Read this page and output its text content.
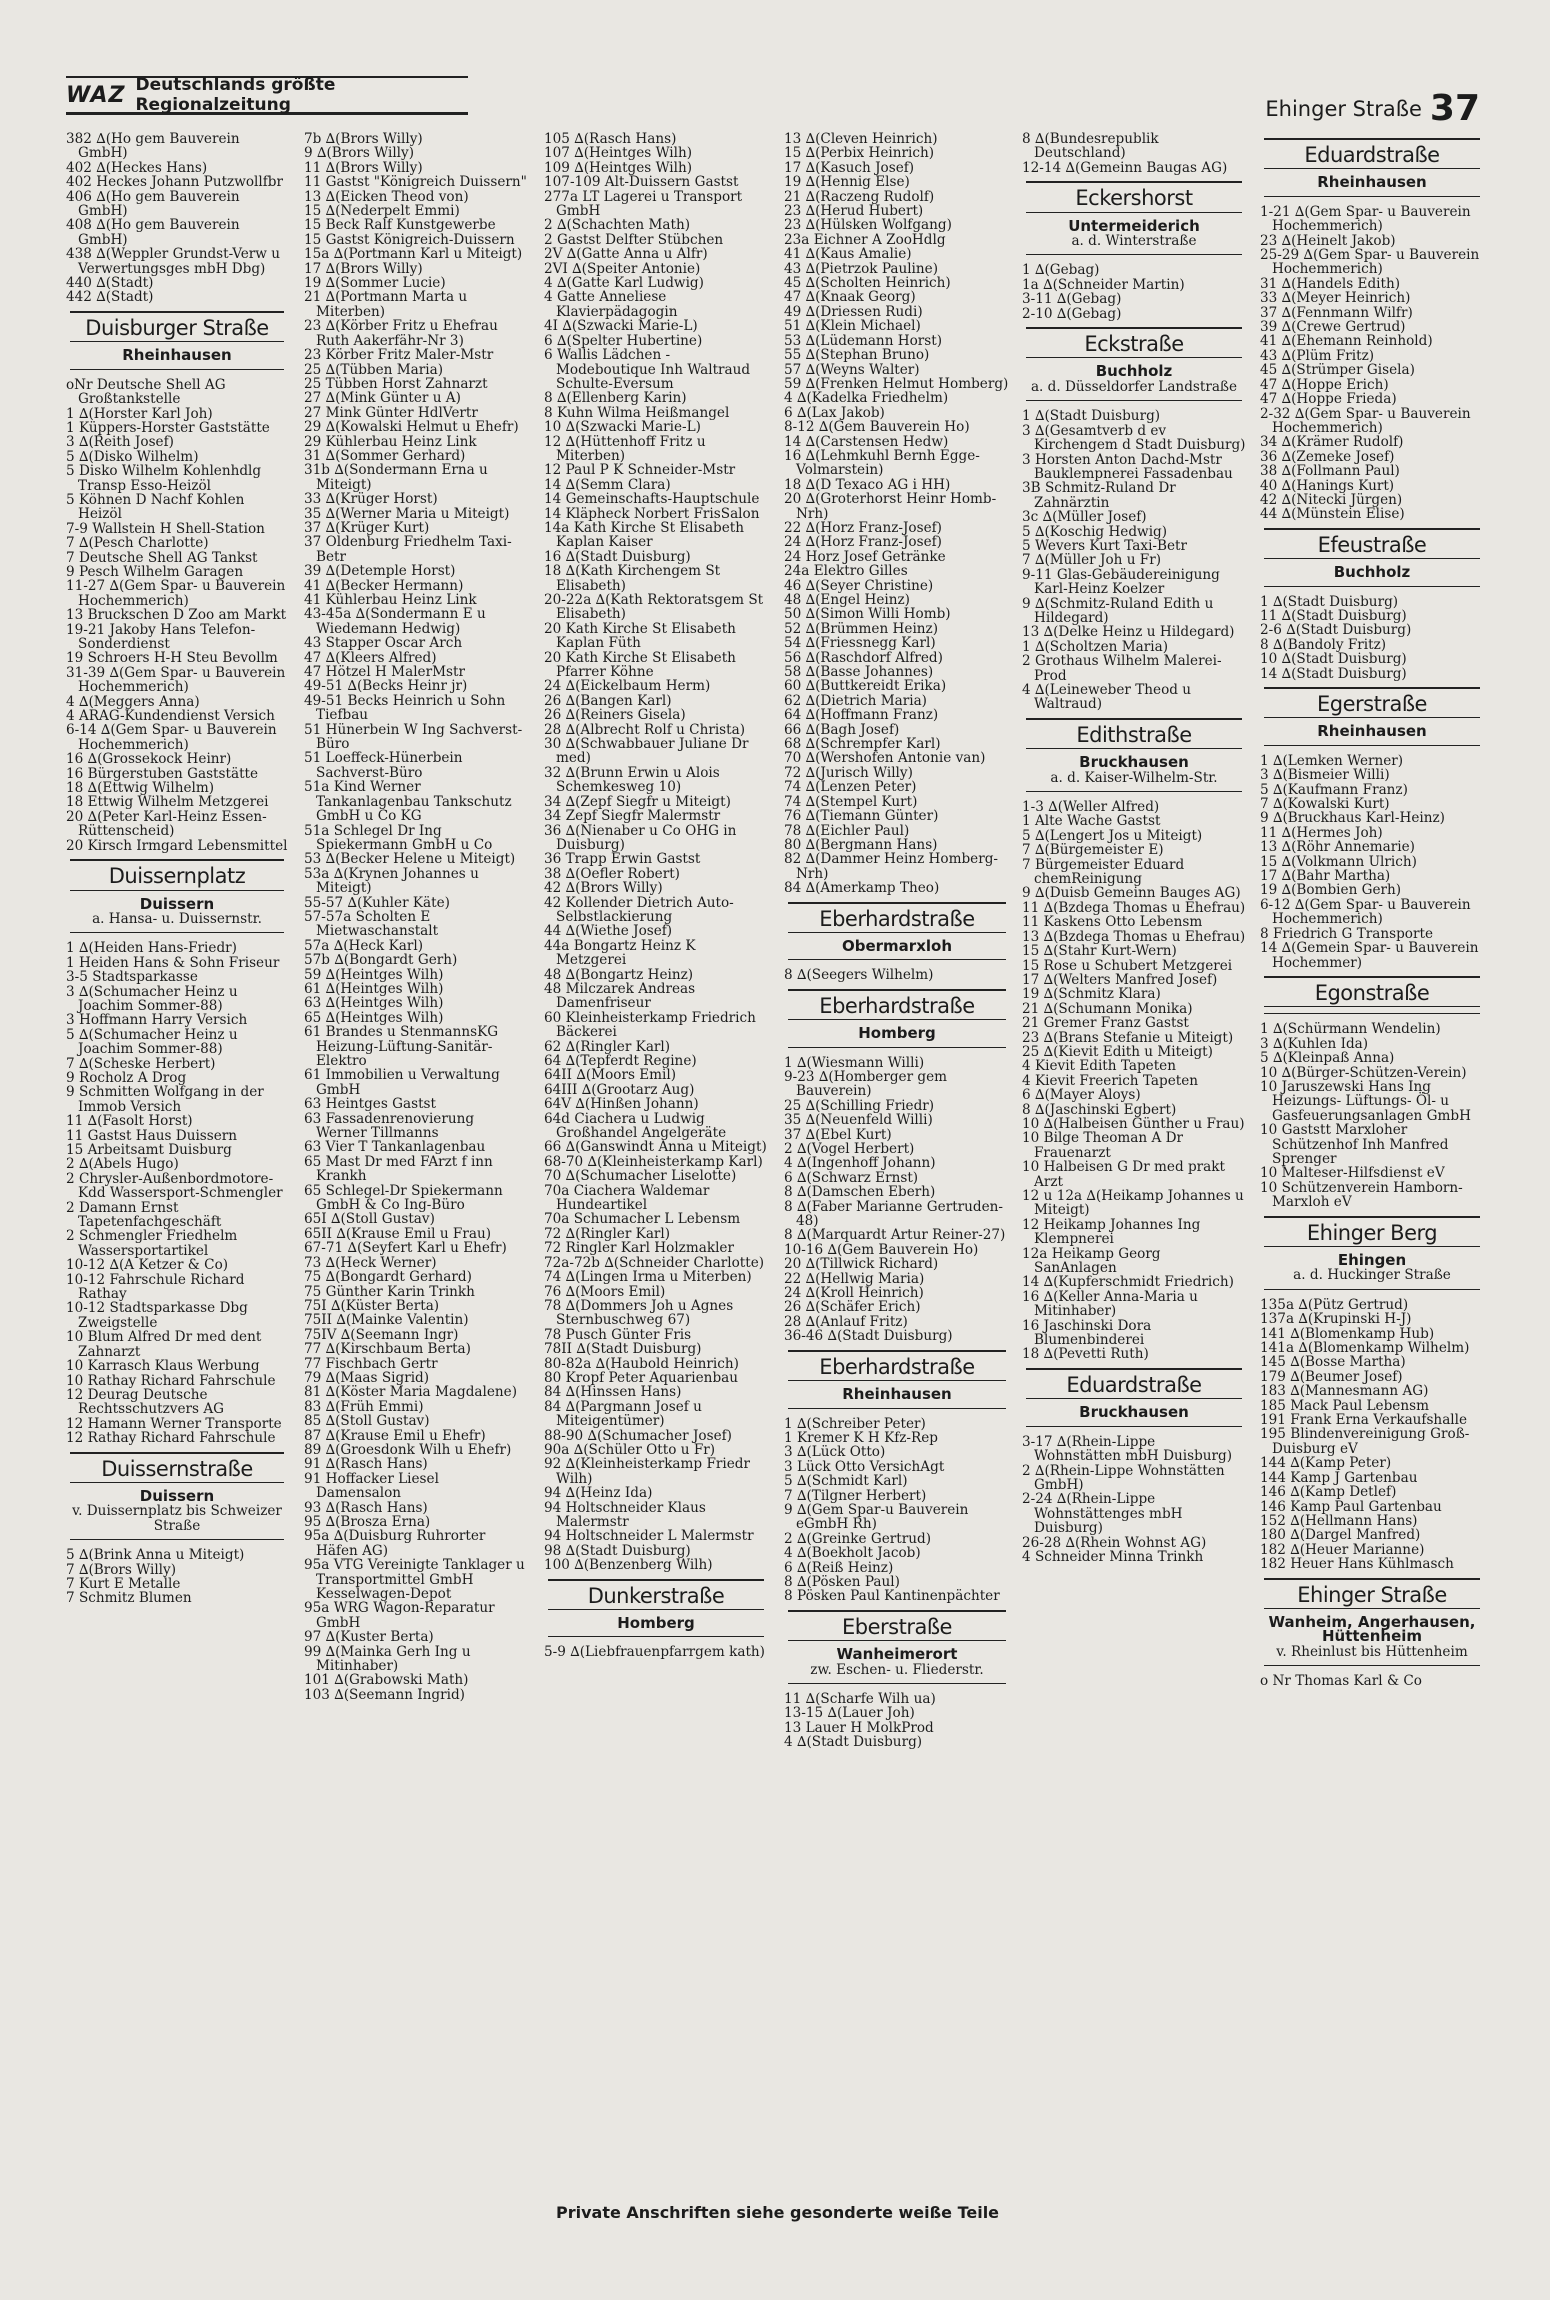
WAZ Deutschlands größte Regionalzeitung	Ehinger Straße 37
382 ∆(Ho gem Bauverein GmbH)
402 ∆(Heckes Hans)
402 Heckes Johann Putzwollfbr
406 ∆(Ho gem Bauverein GmbH)
408 ∆(Ho gem Bauverein GmbH)
438 ∆(Weppler Grundst-Verw u Verwertungsges mbH Dbg)
440 ∆(Stadt)
442 ∆(Stadt)
Duisburger Straße
Rheinhausen
oNr Deutsche Shell AG Großtankstelle
1 ∆(Horster Karl Joh)
1 Küppers-Horster Gaststätte
3 ∆(Reith Josef)
5 ∆(Disko Wilhelm)
5 Disko Wilhelm Kohlenhdlg Transp Esso-Heizöl
5 Köhnen D Nachf Kohlen Heizöl
7-9 Wallstein H Shell-Station
7 ∆(Pesch Charlotte)
7 Deutsche Shell AG Tankst
9 Pesch Wilhelm Garagen
11-27 ∆(Gem Spar- u Bauverein Hochemmerich)
13 Bruckschen D Zoo am Markt
19-21 Jakoby Hans Telefon-Sonderdienst
19 Schroers H-H Steu Bevollm
31-39 ∆(Gem Spar- u Bauverein Hochemmerich)
4 ∆(Meggers Anna)
4 ARAG-Kundendienst Versich
6-14 ∆(Gem Spar- u Bauverein Hochemmerich)
16 ∆(Grossekock Heinr)
16 Bürgerstuben Gaststätte
18 ∆(Ettwig Wilhelm)
18 Ettwig Wilhelm Metzgerei
20 ∆(Peter Karl-Heinz Essen-Rüttenscheid)
20 Kirsch Irmgard Lebensmittel
Duissernplatz
Duissern
a. Hansa- u. Duissernstr.
1 ∆(Heiden Hans-Friedr)
1 Heiden Hans & Sohn Friseur
3-5 Stadtsparkasse
3 ∆(Schumacher Heinz u Joachim Sommer-88)
3 Hoffmann Harry Versich
5 ∆(Schumacher Heinz u Joachim Sommer-88)
7 ∆(Scheske Herbert)
9 Rocholz A Drog
9 Schmitten Wolfgang in der Immob Versich
11 ∆(Fasolt Horst)
11 Gastst Haus Duissern
15 Arbeitsamt Duisburg
2 ∆(Abels Hugo)
2 Chrysler-Außenbordmotore-Kdd Wassersport-Schmengler
2 Damann Ernst Tapetenfachgeschäft
2 Schmengler Friedhelm Wassersportartikel
10-12 ∆(A Ketzer & Co)
10-12 Fahrschule Richard Rathay
10-12 Stadtsparkasse Dbg Zweigstelle
10 Blum Alfred Dr med dent Zahnarzt
10 Karrasch Klaus Werbung
10 Rathay Richard Fahrschule
12 Deurag Deutsche Rechtsschutzvers AG
12 Hamann Werner Transporte
12 Rathay Richard Fahrschule
Duissernstraße
Duissern
v. Duissernplatz bis Schweizer Straße
5 ∆(Brink Anna u Miteigt)
7 ∆(Brors Willy)
7 Kurt E Metalle
7 Schmitz Blumen
7b ∆(Brors Willy)
9 ∆(Brors Willy)
11 ∆(Brors Willy)
11 Gastst "Königreich Duissern"
13 ∆(Eicken Theod von)
15 ∆(Nederpelt Emmi)
15 Beck Ralf Kunstgewerbe
15 Gastst Königreich-Duissern
15a ∆(Portmann Karl u Miteigt)
17 ∆(Brors Willy)
19 ∆(Sommer Lucie)
21 ∆(Portmann Marta u Miterben)
23 ∆(Körber Fritz u Ehefrau Ruth Aakerfähr-Nr 3)
23 Körber Fritz Maler-Mstr
25 ∆(Tübben Maria)
25 Tübben Horst Zahnarzt
27 ∆(Mink Günter u A)
27 Mink Günter HdlVertr
29 ∆(Kowalski Helmut u Ehefr)
29 Kühlerbau Heinz Link
31 ∆(Sommer Gerhard)
31b ∆(Sondermann Erna u Miteigt)
33 ∆(Krüger Horst)
35 ∆(Werner Maria u Miteigt)
37 ∆(Krüger Kurt)
37 Oldenburg Friedhelm Taxi-Betr
39 ∆(Detemple Horst)
41 ∆(Becker Hermann)
41 Kühlerbau Heinz Link
43-45a ∆(Sondermann E u Wiedemann Hedwig)
43 Stapper Oscar Arch
47 ∆(Kleers Alfred)
47 Hötzel H MalerMstr
49-51 ∆(Becks Heinr jr)
49-51 Becks Heinrich u Sohn Tiefbau
51 Hünerbein W Ing Sachverst-Büro
51 Loeffeck-Hünerbein Sachverst-Büro
51a Kind Werner Tankanlagenbau Tankschutz GmbH u Co KG
51a Schlegel Dr Ing Spiekermann GmbH u Co
53 ∆(Becker Helene u Miteigt)
53a ∆(Krynen Johannes u Miteigt)
55-57 ∆(Kuhler Käte)
57-57a Scholten E Mietwaschanstalt
57a ∆(Heck Karl)
57b ∆(Bongardt Gerh)
59 ∆(Heintges Wilh)
61 ∆(Heintges Wilh)
63 ∆(Heintges Wilh)
65 ∆(Heintges Wilh)
61 Brandes u StenmannsKG Heizung-Lüftung-Sanitär-Elektro
61 Immobilien u Verwaltung GmbH
63 Heintges Gastst
63 Fassadenrenovierung Werner Tillmanns
63 Vier T Tankanlagenbau
65 Mast Dr med FArzt f inn Krankh
65 Schlegel-Dr Spiekermann GmbH & Co Ing-Büro
65I ∆(Stoll Gustav)
65II ∆(Krause Emil u Frau)
67-71 ∆(Seyfert Karl u Ehefr)
73 ∆(Heck Werner)
75 ∆(Bongardt Gerhard)
75 Günther Karin Trinkh
75I ∆(Küster Berta)
75II ∆(Mainke Valentin)
75IV ∆(Seemann Ingr)
77 ∆(Kirschbaum Berta)
77 Fischbach Gertr
79 ∆(Maas Sigrid)
81 ∆(Köster Maria Magdalene)
83 ∆(Früh Emmi)
85 ∆(Stoll Gustav)
87 ∆(Krause Emil u Ehefr)
89 ∆(Groesdonk Wilh u Ehefr)
91 ∆(Rasch Hans)
91 Hoffacker Liesel Damensalon
93 ∆(Rasch Hans)
95 ∆(Brosza Erna)
95a ∆(Duisburg Ruhrorter Häfen AG)
95a VTG Vereinigte Tanklager u Transportmittel GmbH Kesselwagen-Depot
95a WRG Wagon-Reparatur GmbH
97 ∆(Kuster Berta)
99 ∆(Mainka Gerh Ing u Mitinhaber)
101 ∆(Grabowski Math)
103 ∆(Seemann Ingrid)
105 ∆(Rasch Hans)
107 ∆(Heintges Wilh)
109 ∆(Heintges Wilh)
107-109 Alt-Duissern Gastst
277a LT Lagerei u Transport GmbH
2 ∆(Schachten Math)
2 Gastst Delfter Stübchen
2V ∆(Gatte Anna u Alfr)
2VI ∆(Speiter Antonie)
4 ∆(Gatte Karl Ludwig)
4 Gatte Anneliese Klavierpädagogin
4I ∆(Szwacki Marie-L)
6 ∆(Spelter Hubertine)
6 Wallis Lädchen - Modeboutique Inh Waltraud Schulte-Eversum
8 ∆(Ellenberg Karin)
8 Kuhn Wilma Heißmangel
10 ∆(Szwacki Marie-L)
12 ∆(Hüttenhoff Fritz u Miterben)
12 Paul P K Schneider-Mstr
14 ∆(Semm Clara)
14 Gemeinschafts-Hauptschule
14 Kläpheck Norbert FrisSalon
14a Kath Kirche St Elisabeth Kaplan Kaiser
16 ∆(Stadt Duisburg)
18 ∆(Kath Kirchengem St Elisabeth)
20-22a ∆(Kath Rektoratsgem St Elisabeth)
20 Kath Kirche St Elisabeth Kaplan Füth
20 Kath Kirche St Elisabeth Pfarrer Köhne
24 ∆(Eickelbaum Herm)
26 ∆(Bangen Karl)
26 ∆(Reiners Gisela)
28 ∆(Albrecht Rolf u Christa)
30 ∆(Schwabbauer Juliane Dr med)
32 ∆(Brunn Erwin u Alois Schemkesweg 10)
34 ∆(Zepf Siegfr u Miteigt)
34 Zepf Siegfr Malermstr
36 ∆(Nienaber u Co OHG in Duisburg)
36 Trapp Erwin Gastst
38 ∆(Oefler Robert)
42 ∆(Brors Willy)
42 Kollender Dietrich Auto-Selbstlackierung
44 ∆(Wiethe Josef)
44a Bongartz Heinz K Metzgerei
48 ∆(Bongartz Heinz)
48 Milczarek Andreas Damenfriseur
60 Kleinheisterkamp Friedrich Bäckerei
62 ∆(Ringler Karl)
64 ∆(Tepferdt Regine)
64II ∆(Moors Emil)
64III ∆(Grootarz Aug)
64V ∆(Hinßen Johann)
64d Ciachera u Ludwig Großhandel Angelgeräte
66 ∆(Ganswindt Anna u Miteigt)
68-70 ∆(Kleinheisterkamp Karl)
70 ∆(Schumacher Liselotte)
70a Ciachera Waldemar Hundeartikel
70a Schumacher L Lebensm
72 ∆(Ringler Karl)
72 Ringler Karl Holzmakler
72a-72b ∆(Schneider Charlotte)
74 ∆(Lingen Irma u Miterben)
76 ∆(Moors Emil)
78 ∆(Dommers Joh u Agnes Sternbuschweg 67)
78 Pusch Günter Fris
78II ∆(Stadt Duisburg)
80-82a ∆(Haubold Heinrich)
80 Kropf Peter Aquarienbau
84 ∆(Hinssen Hans)
84 ∆(Pargmann Josef u Miteigentümer)
88-90 ∆(Schumacher Josef)
90a ∆(Schüler Otto u Fr)
92 ∆(Kleinheisterkamp Friedr Wilh)
94 ∆(Heinz Ida)
94 Holtschneider Klaus Malermstr
94 Holtschneider L Malermstr
98 ∆(Stadt Duisburg)
100 ∆(Benzenberg Wilh)
Dunkerstraße
Homberg
5-9 ∆(Liebfrauenpfarrgem kath)
13 ∆(Cleven Heinrich)
15 ∆(Perbix Heinrich)
17 ∆(Kasuch Josef)
19 ∆(Hennig Else)
21 ∆(Raczeng Rudolf)
23 ∆(Herud Hubert)
23 ∆(Hülsken Wolfgang)
23a Eichner A ZooHdlg
41 ∆(Kaus Amalie)
43 ∆(Pietrzok Pauline)
45 ∆(Scholten Heinrich)
47 ∆(Knaak Georg)
49 ∆(Driessen Rudi)
51 ∆(Klein Michael)
53 ∆(Lüdemann Horst)
55 ∆(Stephan Bruno)
57 ∆(Weyns Walter)
59 ∆(Frenken Helmut Homberg)
4 ∆(Kadelka Friedhelm)
6 ∆(Lax Jakob)
8-12 ∆(Gem Bauverein Ho)
14 ∆(Carstensen Hedw)
16 ∆(Lehmkuhl Bernh Egge-Volmarstein)
18 ∆(D Texaco AG i HH)
20 ∆(Groterhorst Heinr Homb-Nrh)
22 ∆(Horz Franz-Josef)
24 ∆(Horz Franz-Josef)
24 Horz Josef Getränke
24a Elektro Gilles
46 ∆(Seyer Christine)
48 ∆(Engel Heinz)
50 ∆(Simon Willi Homb)
52 ∆(Brümmen Heinz)
54 ∆(Friessnegg Karl)
56 ∆(Raschdorf Alfred)
58 ∆(Basse Johannes)
60 ∆(Buttkereidt Erika)
62 ∆(Dietrich Maria)
64 ∆(Hoffmann Franz)
66 ∆(Bagh Josef)
68 ∆(Schrempfer Karl)
70 ∆(Wershofen Antonie van)
72 ∆(Jurisch Willy)
74 ∆(Lenzen Peter)
74 ∆(Stempel Kurt)
76 ∆(Tiemann Günter)
78 ∆(Eichler Paul)
80 ∆(Bergmann Hans)
82 ∆(Dammer Heinz Homberg-Nrh)
84 ∆(Amerkamp Theo)
Eberhardstraße
Obermarxloh
8 ∆(Seegers Wilhelm)
Eberhardstraße
Homberg
1 ∆(Wiesmann Willi)
9-23 ∆(Homberger gem Bauverein)
25 ∆(Schilling Friedr)
35 ∆(Neuenfeld Willi)
37 ∆(Ebel Kurt)
2 ∆(Vogel Herbert)
4 ∆(Ingenhoff Johann)
6 ∆(Schwarz Ernst)
8 ∆(Damschen Eberh)
8 ∆(Faber Marianne Gertruden-48)
8 ∆(Marquardt Artur Reiner-27)
10-16 ∆(Gem Bauverein Ho)
20 ∆(Tillwick Richard)
22 ∆(Hellwig Maria)
24 ∆(Kroll Heinrich)
26 ∆(Schäfer Erich)
28 ∆(Anlauf Fritz)
36-46 ∆(Stadt Duisburg)
Eberhardstraße
Rheinhausen
1 ∆(Schreiber Peter)
1 Kremer K H Kfz-Rep
3 ∆(Lück Otto)
3 Lück Otto VersichAgt
5 ∆(Schmidt Karl)
7 ∆(Tilgner Herbert)
9 ∆(Gem Spar-u Bauverein eGmbH Rh)
2 ∆(Greinke Gertrud)
4 ∆(Boekholt Jacob)
6 ∆(Reiß Heinz)
8 ∆(Pösken Paul)
8 Pösken Paul Kantinenpächter
Eberstraße
Wanheimerort
zw. Eschen- u. Fliederstr.
11 ∆(Scharfe Wilh ua)
13-15 ∆(Lauer Joh)
13 Lauer H MolkProd
4 ∆(Stadt Duisburg)
8 ∆(Bundesrepublik Deutschland)
12-14 ∆(Gemeinn Baugas AG)
Eckershorst
Untermeiderich
a. d. Winterstraße
1 ∆(Gebag)
1a ∆(Schneider Martin)
3-11 ∆(Gebag)
2-10 ∆(Gebag)
Eckstraße
Buchholz
a. d. Düsseldorfer Landstraße
1 ∆(Stadt Duisburg)
3 ∆(Gesamtverb d ev Kirchengem d Stadt Duisburg)
3 Horsten Anton Dachd-Mstr Bauklempnerei Fassadenbau
3B Schmitz-Ruland Dr Zahnärztin
3c ∆(Müller Josef)
5 ∆(Koschig Hedwig)
5 Wevers Kurt Taxi-Betr
7 ∆(Müller Joh u Fr)
9-11 Glas-Gebäudereinigung Karl-Heinz Koelzer
9 ∆(Schmitz-Ruland Edith u Hildegard)
13 ∆(Delke Heinz u Hildegard)
1 ∆(Scholtzen Maria)
2 Grothaus Wilhelm Malerei-Prod
4 ∆(Leineweber Theod u Waltraud)
Edithstraße
Bruckhausen
a. d. Kaiser-Wilhelm-Str.
1-3 ∆(Weller Alfred)
1 Alte Wache Gastst
5 ∆(Lengert Jos u Miteigt)
7 ∆(Bürgemeister E)
7 Bürgemeister Eduard chemReinigung
9 ∆(Duisb Gemeinn Bauges AG)
11 ∆(Bzdega Thomas u Ehefrau)
11 Kaskens Otto Lebensm
13 ∆(Bzdega Thomas u Ehefrau)
15 ∆(Stahr Kurt-Wern)
15 Rose u Schubert Metzgerei
17 ∆(Welters Manfred Josef)
19 ∆(Schmitz Klara)
21 ∆(Schumann Monika)
21 Gremer Franz Gastst
23 ∆(Brans Stefanie u Miteigt)
25 ∆(Kievit Edith u Miteigt)
4 Kievit Edith Tapeten
4 Kievit Freerich Tapeten
6 ∆(Mayer Aloys)
8 ∆(Jaschinski Egbert)
10 ∆(Halbeisen Günther u Frau)
10 Bilge Theoman A Dr Frauenarzt
10 Halbeisen G Dr med prakt Arzt
12 u 12a ∆(Heikamp Johannes u Miteigt)
12 Heikamp Johannes Ing Klempnerei
12a Heikamp Georg SanAnlagen
14 ∆(Kupferschmidt Friedrich)
16 ∆(Keller Anna-Maria u Mitinhaber)
16 Jaschinski Dora Blumenbinderei
18 ∆(Pevetti Ruth)
Eduardstraße
Bruckhausen
3-17 ∆(Rhein-Lippe Wohnstätten mbH Duisburg)
2 ∆(Rhein-Lippe Wohnstätten GmbH)
2-24 ∆(Rhein-Lippe Wohnstättenges mbH Duisburg)
26-28 ∆(Rhein Wohnst AG)
4 Schneider Minna Trinkh
Eduardstraße
Rheinhausen
1-21 ∆(Gem Spar- u Bauverein Hochemmerich)
23 ∆(Heinelt Jakob)
25-29 ∆(Gem Spar- u Bauverein Hochemmerich)
31 ∆(Handels Edith)
33 ∆(Meyer Heinrich)
37 ∆(Fennmann Wilfr)
39 ∆(Crewe Gertrud)
41 ∆(Ehemann Reinhold)
43 ∆(Plüm Fritz)
45 ∆(Strümper Gisela)
47 ∆(Hoppe Erich)
47 ∆(Hoppe Frieda)
2-32 ∆(Gem Spar- u Bauverein Hochemmerich)
34 ∆(Krämer Rudolf)
36 ∆(Zemeke Josef)
38 ∆(Follmann Paul)
40 ∆(Hanings Kurt)
42 ∆(Nitecki Jürgen)
44 ∆(Münstein Elise)
Efeustraße
Buchholz
1 ∆(Stadt Duisburg)
11 ∆(Stadt Duisburg)
2-6 ∆(Stadt Duisburg)
8 ∆(Bandoly Fritz)
10 ∆(Stadt Duisburg)
14 ∆(Stadt Duisburg)
Egerstraße
Rheinhausen
1 ∆(Lemken Werner)
3 ∆(Bismeier Willi)
5 ∆(Kaufmann Franz)
7 ∆(Kowalski Kurt)
9 ∆(Bruckhaus Karl-Heinz)
11 ∆(Hermes Joh)
13 ∆(Röhr Annemarie)
15 ∆(Volkmann Ulrich)
17 ∆(Bahr Martha)
19 ∆(Bombien Gerh)
6-12 ∆(Gem Spar- u Bauverein Hochemmerich)
8 Friedrich G Transporte
14 ∆(Gemein Spar- u Bauverein Hochemmer)
Egonstraße
1 ∆(Schürmann Wendelin)
3 ∆(Kuhlen Ida)
5 ∆(Kleinpaß Anna)
10 ∆(Bürger-Schützen-Verein)
10 Jaruszewski Hans Ing Heizungs- Lüftungs- Öl- u Gasfeuerungsanlagen GmbH
10 Gaststt Marxloher Schützenhof Inh Manfred Sprenger
10 Malteser-Hilfsdienst eV
10 Schützenverein Hamborn-Marxloh eV
Ehinger Berg
Ehingen
a. d. Huckinger Straße
135a ∆(Pütz Gertrud)
137a ∆(Krupinski H-J)
141 ∆(Blomenkamp Hub)
141a ∆(Blomenkamp Wilhelm)
145 ∆(Bosse Martha)
179 ∆(Beumer Josef)
183 ∆(Mannesmann AG)
185 Mack Paul Lebensm
191 Frank Erna Verkaufshalle
195 Blindenvereinigung Groß-Duisburg eV
144 ∆(Kamp Peter)
144 Kamp J Gartenbau
146 ∆(Kamp Detlef)
146 Kamp Paul Gartenbau
152 ∆(Hellmann Hans)
180 ∆(Dargel Manfred)
182 ∆(Heuer Marianne)
182 Heuer Hans Kühlmasch
Ehinger Straße
Wanheim, Angerhausen, Hüttenheim
v. Rheinlust bis Hüttenheim
o Nr Thomas Karl & Co
Private Anschriften siehe gesonderte weiße Teile
